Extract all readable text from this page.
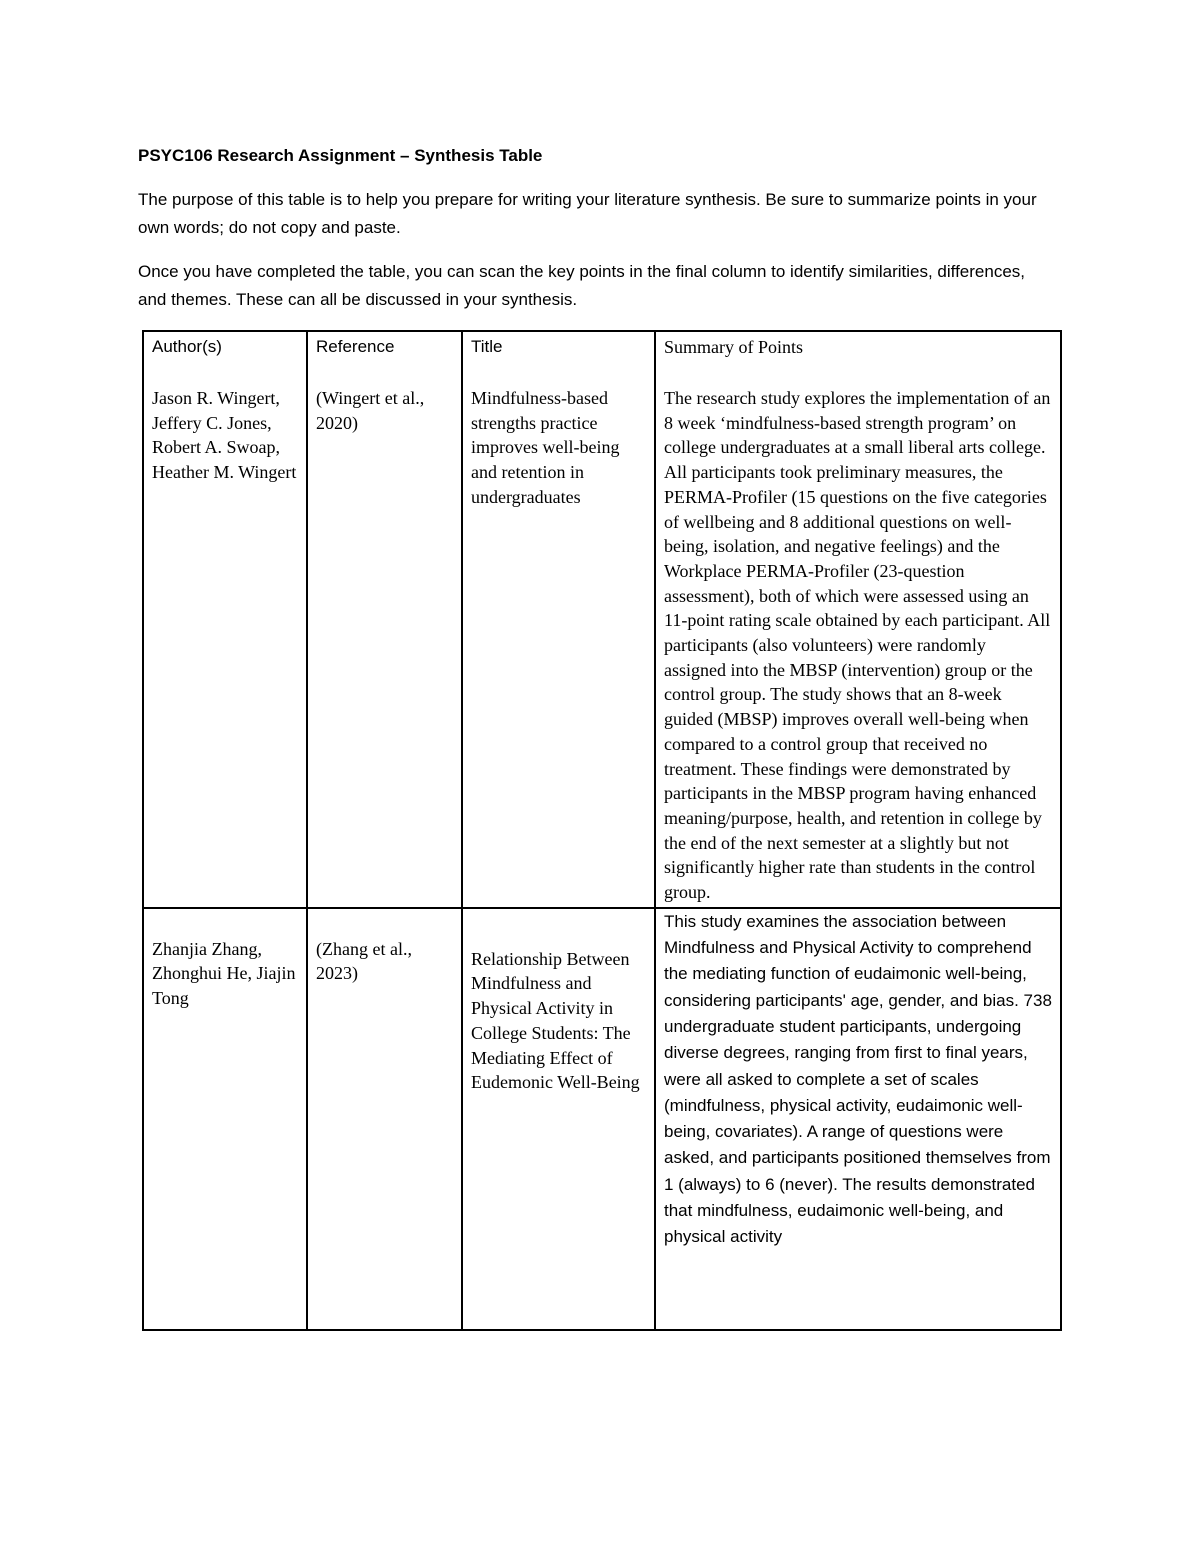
PSYC106 Research Assignment – Synthesis Table

The purpose of this table is to help you prepare for writing your literature synthesis. Be sure to summarize points in your own words; do not copy and paste.

Once you have completed the table, you can scan the key points in the final column to identify similarities, differences, and themes. These can all be discussed in your synthesis.

Author(s)	Reference	Title	Summary of Points

Jason R. Wingert, Jeffery C. Jones, Robert A. Swoap, Heather M. Wingert	(Wingert et al., 2020)	Mindfulness-based strengths practice improves well-being and retention in undergraduates	The research study explores the implementation of an 8 week ‘mindfulness-based strength program’ on college undergraduates at a small liberal arts college. All participants took preliminary measures, the PERMA-Profiler (15 questions on the five categories of wellbeing and 8 additional questions on well-being, isolation, and negative feelings) and the Workplace PERMA-Profiler (23-question assessment), both of which were assessed using an 11-point rating scale obtained by each participant. All participants (also volunteers) were randomly assigned into the MBSP (intervention) group or the control group. The study shows that an 8-week guided (MBSP) improves overall well-being when compared to a control group that received no treatment. These findings were demonstrated by participants in the MBSP program having enhanced meaning/purpose, health, and retention in college by the end of the next semester at a slightly but not significantly higher rate than students in the control group.

Zhanjia Zhang, Zhonghui He, Jiajin Tong	(Zhang et al., 2023)	Relationship Between Mindfulness and Physical Activity in College Students: The Mediating Effect of Eudemonic Well-Being	This study examines the association between Mindfulness and Physical Activity to comprehend the mediating function of eudaimonic well-being, considering participants' age, gender, and bias. 738 undergraduate student participants, undergoing diverse degrees, ranging from first to final years, were all asked to complete a set of scales (mindfulness, physical activity, eudaimonic well-being, covariates). A range of questions were asked, and participants positioned themselves from 1 (always) to 6 (never). The results demonstrated that mindfulness, eudaimonic well-being, and physical activity
